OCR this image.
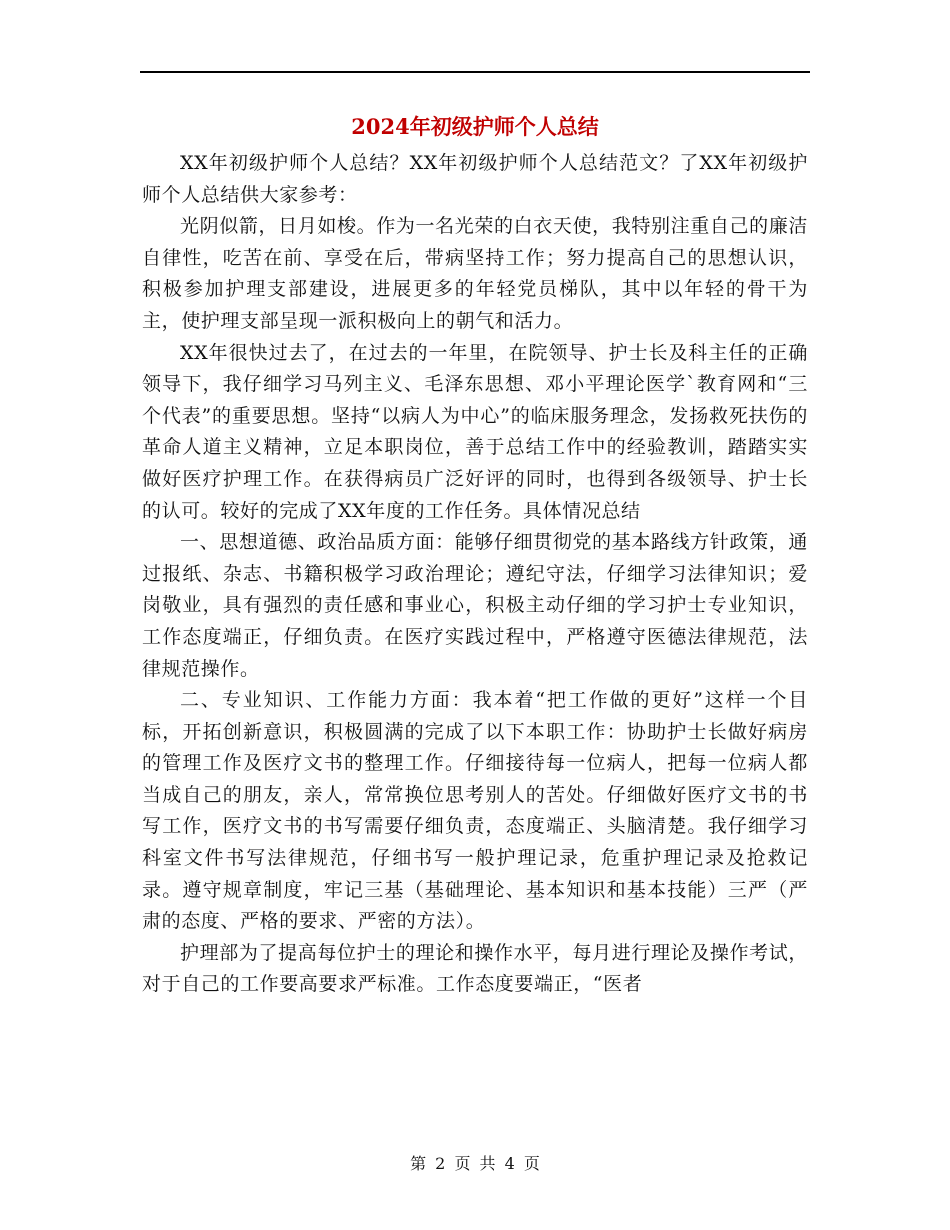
2024年初级护师个人总结

XX年初级护师个人总结？XX年初级护师个人总结范文？了XX年初级护师个人总结供大家参考：

光阴似箭，日月如梭。作为一名光荣的白衣天使，我特别注重自己的廉洁自律性，吃苦在前、享受在后，带病坚持工作；努力提高自己的思想认识，积极参加护理支部建设，进展更多的年轻党员梯队，其中以年轻的骨干为主，使护理支部呈现一派积极向上的朝气和活力。

XX年很快过去了，在过去的一年里，在院领导、护士长及科主任的正确领导下，我仔细学习马列主义、毛泽东思想、邓小平理论医学`教育网和“三个代表”的重要思想。坚持“以病人为中心”的临床服务理念，发扬救死扶伤的革命人道主义精神，立足本职岗位，善于总结工作中的经验教训，踏踏实实做好医疗护理工作。在获得病员广泛好评的同时，也得到各级领导、护士长的认可。较好的完成了XX年度的工作任务。具体情况总结

一、思想道德、政治品质方面：能够仔细贯彻党的基本路线方针政策，通过报纸、杂志、书籍积极学习政治理论；遵纪守法，仔细学习法律知识；爱岗敬业，具有强烈的责任感和事业心，积极主动仔细的学习护士专业知识，工作态度端正，仔细负责。在医疗实践过程中，严格遵守医德法律规范，法律规范操作。

二、专业知识、工作能力方面：我本着“把工作做的更好”这样一个目标，开拓创新意识，积极圆满的完成了以下本职工作：协助护士长做好病房的管理工作及医疗文书的整理工作。仔细接待每一位病人，把每一位病人都当成自己的朋友，亲人，常常换位思考别人的苦处。仔细做好医疗文书的书写工作，医疗文书的书写需要仔细负责，态度端正、头脑清楚。我仔细学习科室文件书写法律规范，仔细书写一般护理记录，危重护理记录及抢救记录。遵守规章制度，牢记三基（基础理论、基本知识和基本技能）三严（严肃的态度、严格的要求、严密的方法）。

护理部为了提高每位护士的理论和操作水平，每月进行理论及操作考试，对于自己的工作要高要求严标准。工作态度要端正，“医者

第 2 页 共 4 页
